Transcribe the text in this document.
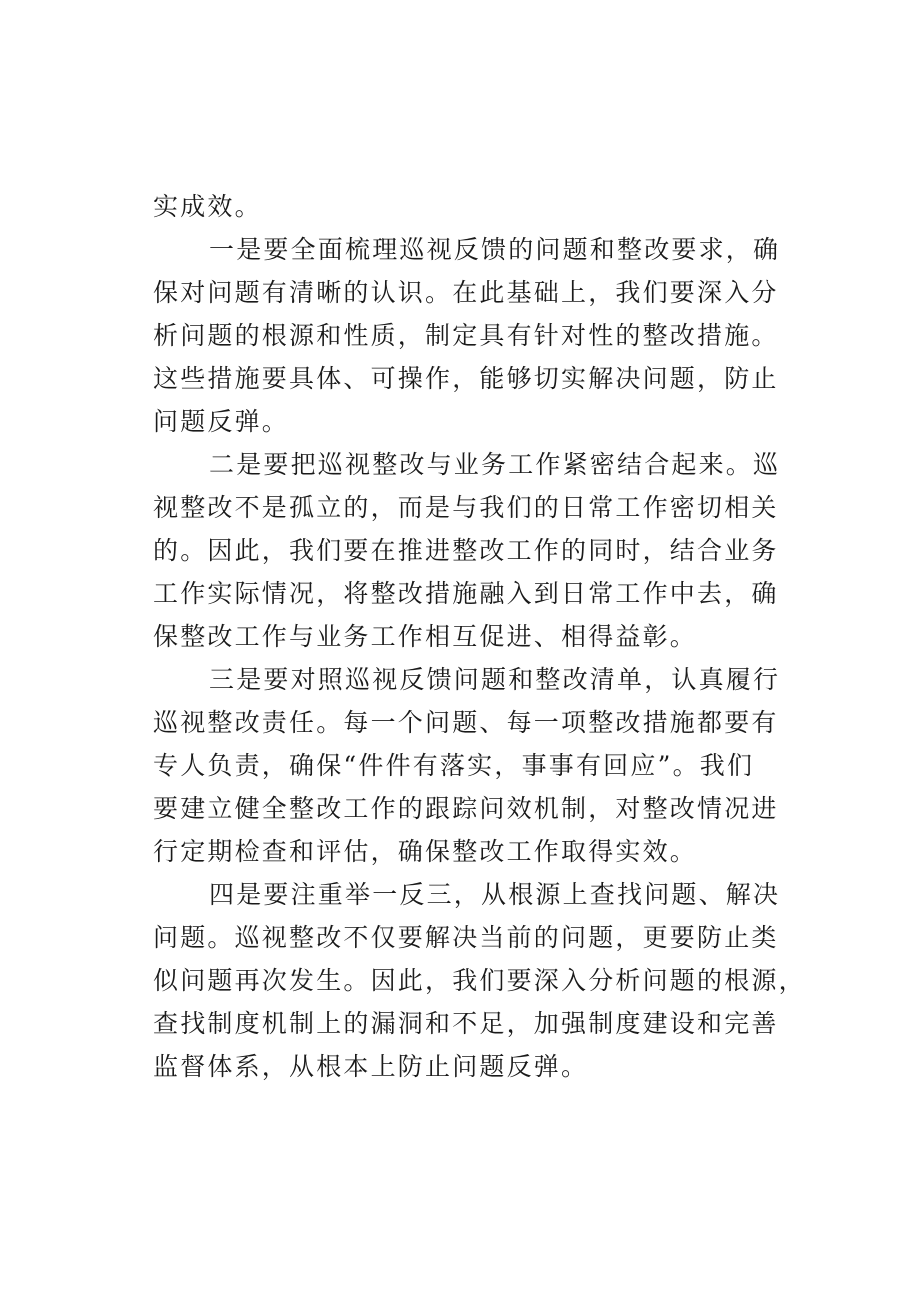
实成效。
一是要全面梳理巡视反馈的问题和整改要求，确
保对问题有清晰的认识。在此基础上，我们要深入分
析问题的根源和性质，制定具有针对性的整改措施。
这些措施要具体、可操作，能够切实解决问题，防止
问题反弹。
二是要把巡视整改与业务工作紧密结合起来。巡
视整改不是孤立的，而是与我们的日常工作密切相关
的。因此，我们要在推进整改工作的同时，结合业务
工作实际情况，将整改措施融入到日常工作中去，确
保整改工作与业务工作相互促进、相得益彰。
三是要对照巡视反馈问题和整改清单，认真履行
巡视整改责任。每一个问题、每一项整改措施都要有
专人负责，确保“件件有落实，事事有回应”。我们
要建立健全整改工作的跟踪问效机制，对整改情况进
行定期检查和评估，确保整改工作取得实效。
四是要注重举一反三，从根源上查找问题、解决
问题。巡视整改不仅要解决当前的问题，更要防止类
似问题再次发生。因此，我们要深入分析问题的根源，
查找制度机制上的漏洞和不足，加强制度建设和完善
监督体系，从根本上防止问题反弹。
